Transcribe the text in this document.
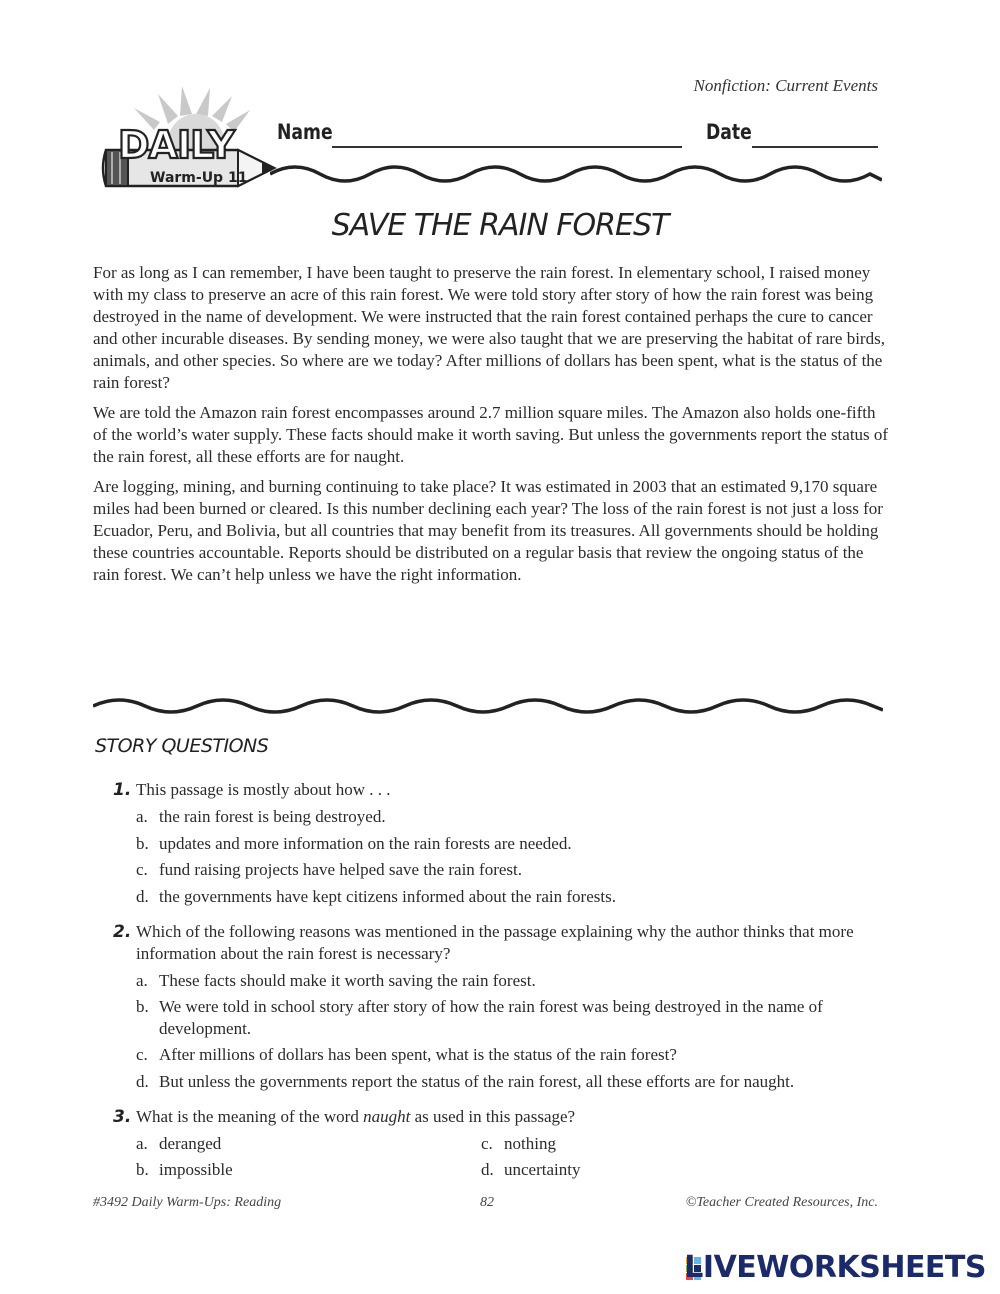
Nonfiction: Current Events
DAILY
Warm-Up 11
Name	Date
SAVE THE RAIN FOREST

For as long as I can remember, I have been taught to preserve the rain forest. In elementary school, I raised money with my class to preserve an acre of this rain forest. We were told story after story of how the rain forest was being destroyed in the name of development. We were instructed that the rain forest contained perhaps the cure to cancer and other incurable diseases. By sending money, we were also taught that we are preserving the habitat of rare birds, animals, and other species. So where are we today? After millions of dollars has been spent, what is the status of the rain forest?

We are told the Amazon rain forest encompasses around 2.7 million square miles. The Amazon also holds one-fifth of the world’s water supply. These facts should make it worth saving. But unless the governments report the status of the rain forest, all these efforts are for naught.

Are logging, mining, and burning continuing to take place? It was estimated in 2003 that an estimated 9,170 square miles had been burned or cleared. Is this number declining each year? The loss of the rain forest is not just a loss for Ecuador, Peru, and Bolivia, but all countries that may benefit from its treasures. All governments should be holding these countries accountable. Reports should be distributed on a regular basis that review the ongoing status of the rain forest. We can’t help unless we have the right information.

STORY QUESTIONS
1. This passage is mostly about how . . .
a. the rain forest is being destroyed.
b. updates and more information on the rain forests are needed.
c. fund raising projects have helped save the rain forest.
d. the governments have kept citizens informed about the rain forests.
2. Which of the following reasons was mentioned in the passage explaining why the author thinks that more information about the rain forest is necessary?
a. These facts should make it worth saving the rain forest.
b. We were told in school story after story of how the rain forest was being destroyed in the name of development.
c. After millions of dollars has been spent, what is the status of the rain forest?
d. But unless the governments report the status of the rain forest, all these efforts are for naught.
3. What is the meaning of the word naught as used in this passage?
a. deranged
b. impossible
c. nothing
d. uncertainty
#3492 Daily Warm-Ups: Reading	82	©Teacher Created Resources, Inc.
LIVEWORKSHEETS
